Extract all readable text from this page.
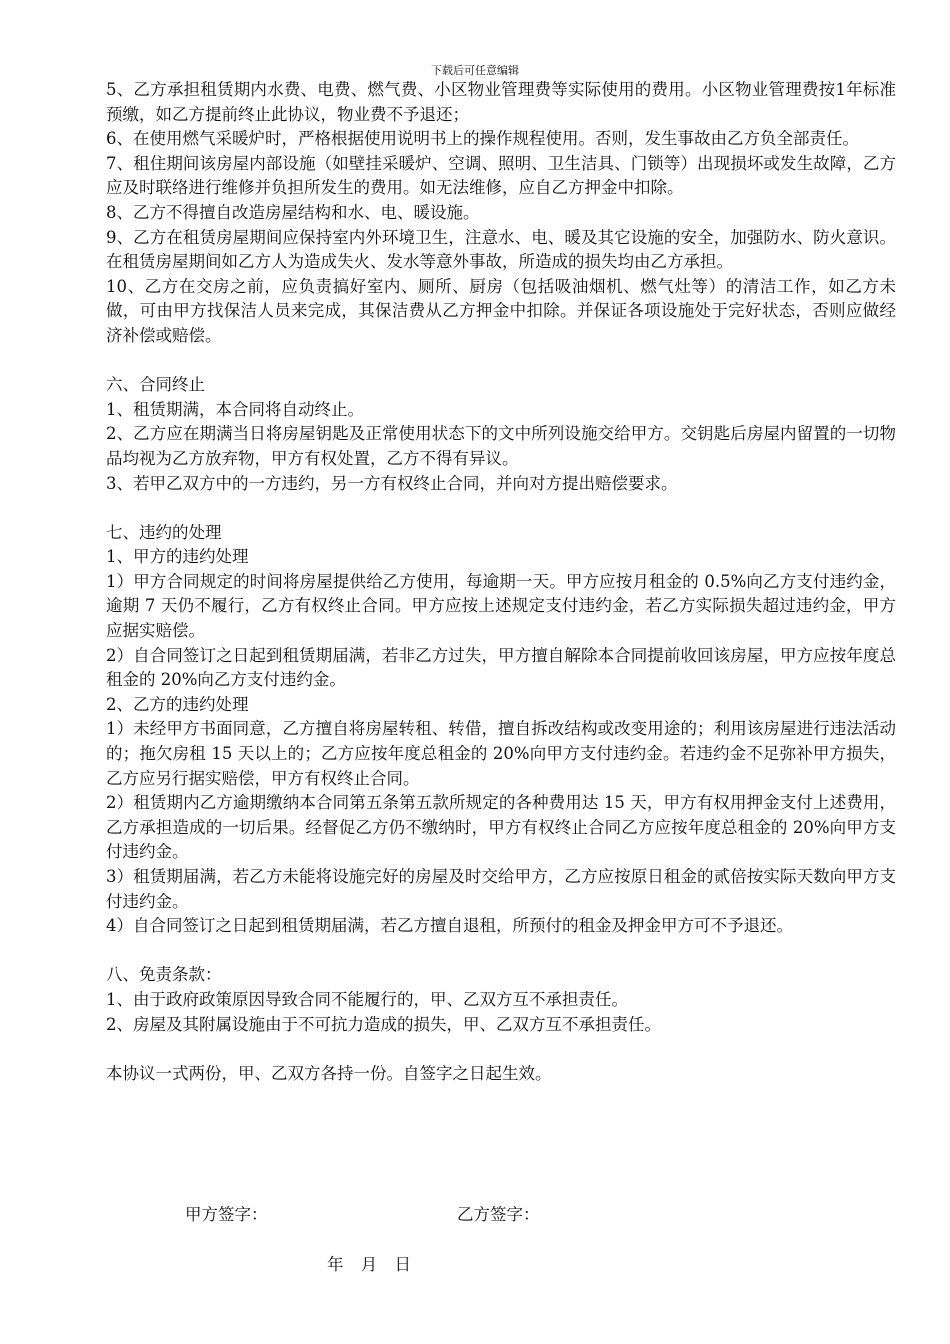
下载后可任意编辑

5、乙方承担租赁期内水费、电费、燃气费、小区物业管理费等实际使用的费用。小区物业管理费按1年标准预缴，如乙方提前终止此协议，物业费不予退还；

6、在使用燃气采暖炉时，严格根据使用说明书上的操作规程使用。否则，发生事故由乙方负全部责任。

7、租住期间该房屋内部设施（如壁挂采暖炉、空调、照明、卫生洁具、门锁等）出现损坏或发生故障，乙方应及时联络进行维修并负担所发生的费用。如无法维修，应自乙方押金中扣除。

8、乙方不得擅自改造房屋结构和水、电、暖设施。

9、乙方在租赁房屋期间应保持室内外环境卫生，注意水、电、暖及其它设施的安全，加强防水、防火意识。在租赁房屋期间如乙方人为造成失火、发水等意外事故，所造成的损失均由乙方承担。

10、乙方在交房之前，应负责搞好室内、厕所、厨房（包括吸油烟机、燃气灶等）的清洁工作，如乙方未做，可由甲方找保洁人员来完成，其保洁费从乙方押金中扣除。并保证各项设施处于完好状态，否则应做经济补偿或赔偿。

六、合同终止

1、租赁期满，本合同将自动终止。

2、乙方应在期满当日将房屋钥匙及正常使用状态下的文中所列设施交给甲方。交钥匙后房屋内留置的一切物品均视为乙方放弃物，甲方有权处置，乙方不得有异议。

3、若甲乙双方中的一方违约，另一方有权终止合同，并向对方提出赔偿要求。

七、违约的处理

1、甲方的违约处理

1）甲方合同规定的时间将房屋提供给乙方使用，每逾期一天。甲方应按月租金的 0.5%向乙方支付违约金，逾期 7 天仍不履行，乙方有权终止合同。甲方应按上述规定支付违约金，若乙方实际损失超过违约金，甲方应据实赔偿。

2）自合同签订之日起到租赁期届满，若非乙方过失，甲方擅自解除本合同提前收回该房屋，甲方应按年度总租金的 20%向乙方支付违约金。

2、乙方的违约处理

1）未经甲方书面同意，乙方擅自将房屋转租、转借，擅自拆改结构或改变用途的；利用该房屋进行违法活动的；拖欠房租 15 天以上的；乙方应按年度总租金的 20%向甲方支付违约金。若违约金不足弥补甲方损失，乙方应另行据实赔偿，甲方有权终止合同。

2）租赁期内乙方逾期缴纳本合同第五条第五款所规定的各种费用达 15 天，甲方有权用押金支付上述费用，乙方承担造成的一切后果。经督促乙方仍不缴纳时，甲方有权终止合同乙方应按年度总租金的 20%向甲方支付违约金。

3）租赁期届满，若乙方未能将设施完好的房屋及时交给甲方，乙方应按原日租金的贰倍按实际天数向甲方支付违约金。

4）自合同签订之日起到租赁期届满，若乙方擅自退租，所预付的租金及押金甲方可不予退还。

八、免责条款：

1、由于政府政策原因导致合同不能履行的，甲、乙双方互不承担责任。

2、房屋及其附属设施由于不可抗力造成的损失，甲、乙双方互不承担责任。

本协议一式两份，甲、乙双方各持一份。自签字之日起生效。

甲方签字：	乙方签字：
年 月 日
